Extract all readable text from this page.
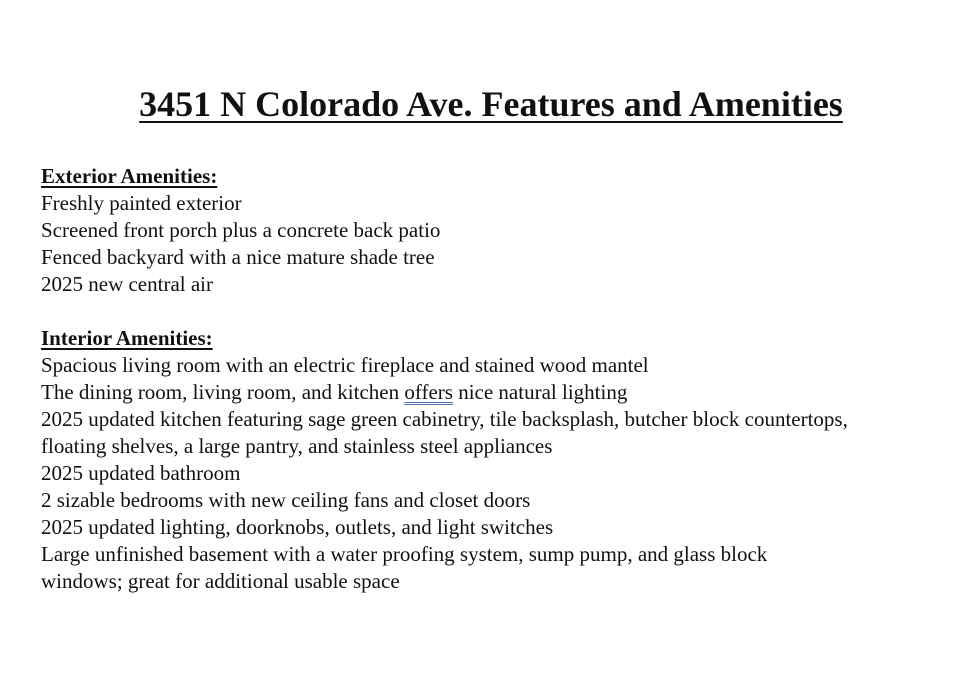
3451 N Colorado Ave. Features and Amenities
Exterior Amenities:
Freshly painted exterior
Screened front porch plus a concrete back patio
Fenced backyard with a nice mature shade tree
2025 new central air
Interior Amenities:
Spacious living room with an electric fireplace and stained wood mantel
The dining room, living room, and kitchen offers nice natural lighting
2025 updated kitchen featuring sage green cabinetry, tile backsplash, butcher block countertops,
floating shelves, a large pantry, and stainless steel appliances
2025 updated bathroom
2 sizable bedrooms with new ceiling fans and closet doors
2025 updated lighting, doorknobs, outlets, and light switches
Large unfinished basement with a water proofing system, sump pump, and glass block
windows; great for additional usable space
